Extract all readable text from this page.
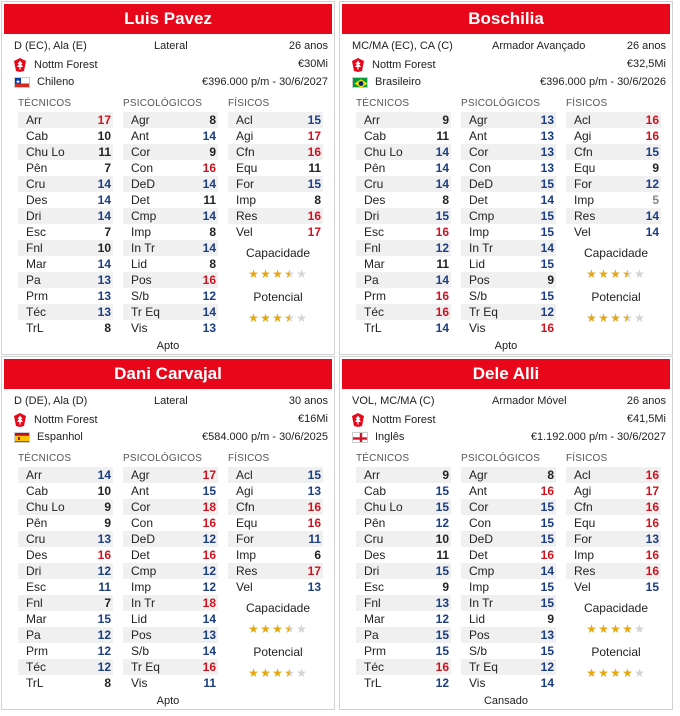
Luis Pavez
D (EC), Ala (E)	Lateral	26 anos
Nottm Forest	€30Mi
Chileno	€396.000 p/m - 30/6/2027
TÉCNICOS	PSICOLÓGICOS	FÍSICOS
Arr	17
Cab	10
Chu Lo	11
Pên	7
Cru	14
Des	14
Dri	14
Esc	7
Fnl	10
Mar	14
Pa	13
Prm	13
Téc	13
TrL	8
Agr	8
Ant	14
Cor	9
Con	16
DeD	14
Det	11
Cmp	14
Imp	8
In Tr	14
Lid	8
Pos	16
S/b	12
Tr Eq	14
Vis	13
Acl	15
Agi	17
Cfn	16
Equ	11
For	15
Imp	8
Res	16
Vel	17
Capacidade
★ ★ ★ ★ ★
Potencial
★ ★ ★ ★ ★
Apto
Boschilia
MC/MA (EC), CA (C)	Armador Avançado	26 anos
Nottm Forest	€32,5Mi
Brasileiro	€396.000 p/m - 30/6/2026
TÉCNICOS	PSICOLÓGICOS	FÍSICOS
Arr	9
Cab	11
Chu Lo	14
Pên	14
Cru	14
Des	8
Dri	15
Esc	16
Fnl	12
Mar	11
Pa	14
Prm	16
Téc	16
TrL	14
Agr	13
Ant	13
Cor	13
Con	13
DeD	15
Det	14
Cmp	15
Imp	15
In Tr	14
Lid	15
Pos	9
S/b	15
Tr Eq	12
Vis	16
Acl	16
Agi	16
Cfn	15
Equ	9
For	12
Imp	5
Res	14
Vel	14
Capacidade
★ ★ ★ ★ ★
Potencial
★ ★ ★ ★ ★
Apto
Dani Carvajal
D (DE), Ala (D)	Lateral	30 anos
Nottm Forest	€16Mi
Espanhol	€584.000 p/m - 30/6/2025
TÉCNICOS	PSICOLÓGICOS	FÍSICOS
Arr	14
Cab	10
Chu Lo	9
Pên	9
Cru	13
Des	16
Dri	12
Esc	11
Fnl	7
Mar	15
Pa	12
Prm	12
Téc	12
TrL	8
Agr	17
Ant	15
Cor	18
Con	16
DeD	12
Det	16
Cmp	12
Imp	12
In Tr	18
Lid	14
Pos	13
S/b	14
Tr Eq	16
Vis	11
Acl	15
Agi	13
Cfn	16
Equ	16
For	11
Imp	6
Res	17
Vel	13
Capacidade
★ ★ ★ ★ ★
Potencial
★ ★ ★ ★ ★
Apto
Dele Alli
VOL, MC/MA (C)	Armador Móvel	26 anos
Nottm Forest	€41,5Mi
Inglês	€1.192.000 p/m - 30/6/2027
TÉCNICOS	PSICOLÓGICOS	FÍSICOS
Arr	9
Cab	15
Chu Lo	15
Pên	12
Cru	10
Des	11
Dri	15
Esc	9
Fnl	13
Mar	12
Pa	15
Prm	15
Téc	16
TrL	12
Agr	8
Ant	16
Cor	15
Con	15
DeD	15
Det	16
Cmp	14
Imp	15
In Tr	15
Lid	9
Pos	13
S/b	15
Tr Eq	12
Vis	14
Acl	16
Agi	17
Cfn	16
Equ	16
For	13
Imp	16
Res	16
Vel	15
Capacidade
★ ★ ★ ★ ★
Potencial
★ ★ ★ ★ ★
Cansado
